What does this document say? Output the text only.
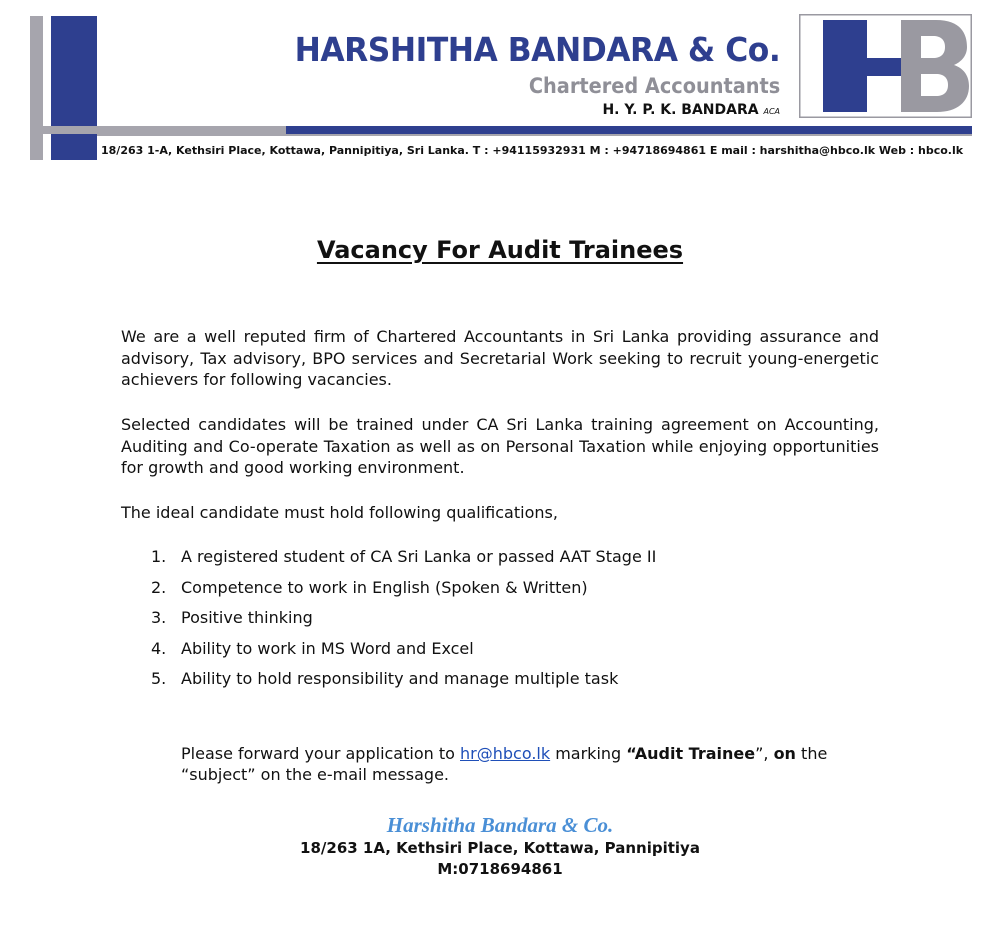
HARSHITHA BANDARA & Co.
Chartered Accountants
H. Y. P. K. BANDARA ACA
18/263 1-A, Kethsiri Place, Kottawa, Pannipitiya, Sri Lanka. T : +94115932931 M : +94718694861 E mail : harshitha@hbco.lk Web : hbco.lk
Vacancy For Audit Trainees

We are a well reputed firm of Chartered Accountants in Sri Lanka providing assurance and advisory, Tax advisory, BPO services and Secretarial Work seeking to recruit young-energetic achievers for following vacancies.

Selected candidates will be trained under CA Sri Lanka training agreement on Accounting, Auditing and Co-operate Taxation as well as on Personal Taxation while enjoying opportunities for growth and good working environment.

The ideal candidate must hold following qualifications,

1. A registered student of CA Sri Lanka or passed AAT Stage II
2. Competence to work in English (Spoken & Written)
3. Positive thinking
4. Ability to work in MS Word and Excel
5. Ability to hold responsibility and manage multiple task
Please forward your application to hr@hbco.lk marking “Audit Trainee”, on the “subject” on the e-mail message.
Harshitha Bandara & Co.
18/263 1A, Kethsiri Place, Kottawa, Pannipitiya
M:0718694861
